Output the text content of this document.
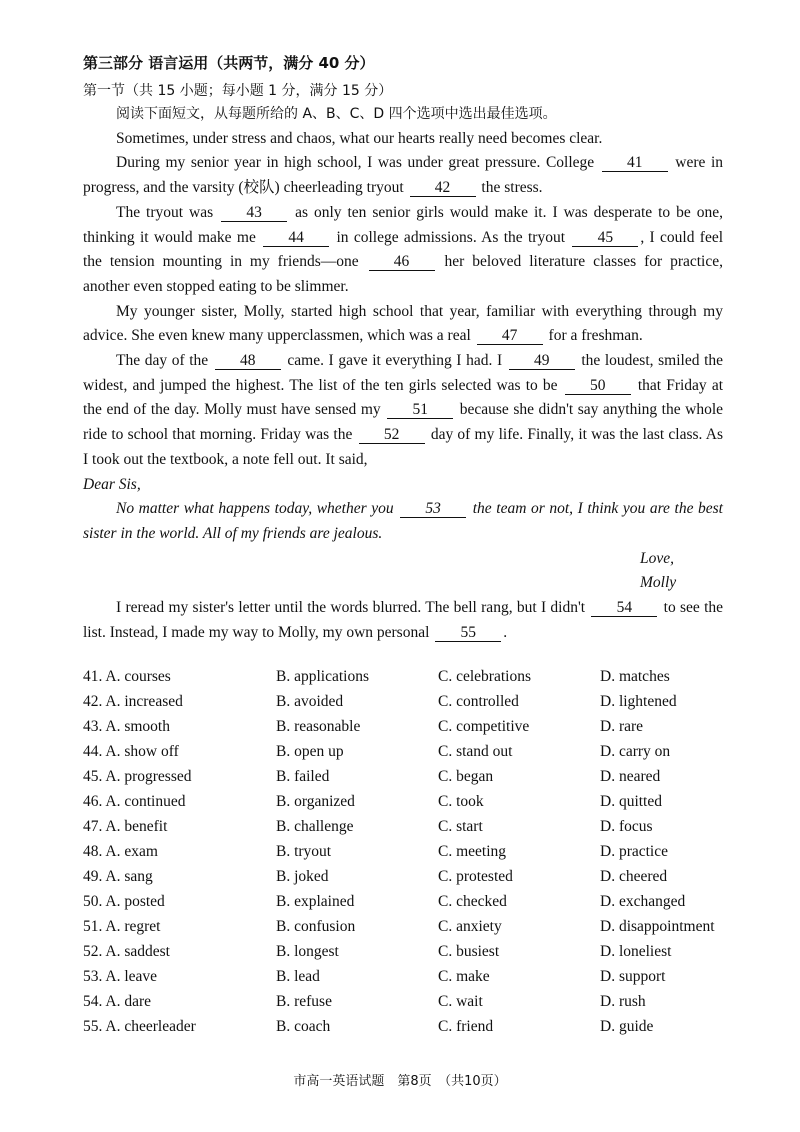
第三部分 语言运用（共两节，满分 40 分）
第一节（共 15 小题；每小题 1 分，满分 15 分）

阅读下面短文，从每题所给的 A、B、C、D 四个选项中选出最佳选项。

Sometimes, under stress and chaos, what our hearts really need becomes clear.

During my senior year in high school, I was under great pressure. College 41 were in progress, and the varsity (校队) cheerleading tryout 42 the stress.

The tryout was 43 as only ten senior girls would make it. I was desperate to be one, thinking it would make me 44 in college admissions. As the tryout 45 , I could feel the tension mounting in my friends—one 46 her beloved literature classes for practice, another even stopped eating to be slimmer.

My younger sister, Molly, started high school that year, familiar with everything through my advice. She even knew many upperclassmen, which was a real 47 for a freshman.

The day of the 48 came. I gave it everything I had. I 49 the loudest, smiled the widest, and jumped the highest. The list of the ten girls selected was to be 50 that Friday at the end of the day. Molly must have sensed my 51 because she didn't say anything the whole ride to school that morning. Friday was the 52 day of my life. Finally, it was the last class. As I took out the textbook, a note fell out. It said,

Dear Sis,

No matter what happens today, whether you 53 the team or not, I think you are the best sister in the world. All of my friends are jealous.

Love,

Molly

I reread my sister's letter until the words blurred. The bell rang, but I didn't 54 to see the list. Instead, I made my way to Molly, my own personal 55 .

41. A. courses	B. applications	C. celebrations	D. matches
42. A. increased	B. avoided	C. controlled	D. lightened
43. A. smooth	B. reasonable	C. competitive	D. rare
44. A. show off	B. open up	C. stand out	D. carry on
45. A. progressed	B. failed	C. began	D. neared
46. A. continued	B. organized	C. took	D. quitted
47. A. benefit	B. challenge	C. start	D. focus
48. A. exam	B. tryout	C. meeting	D. practice
49. A. sang	B. joked	C. protested	D. cheered
50. A. posted	B. explained	C. checked	D. exchanged
51. A. regret	B. confusion	C. anxiety	D. disappointment
52. A. saddest	B. longest	C. busiest	D. loneliest
53. A. leave	B. lead	C. make	D. support
54. A. dare	B. refuse	C. wait	D. rush
55. A. cheerleader	B. coach	C. friend	D. guide
市高一英语试题　第8页　（共10页）
